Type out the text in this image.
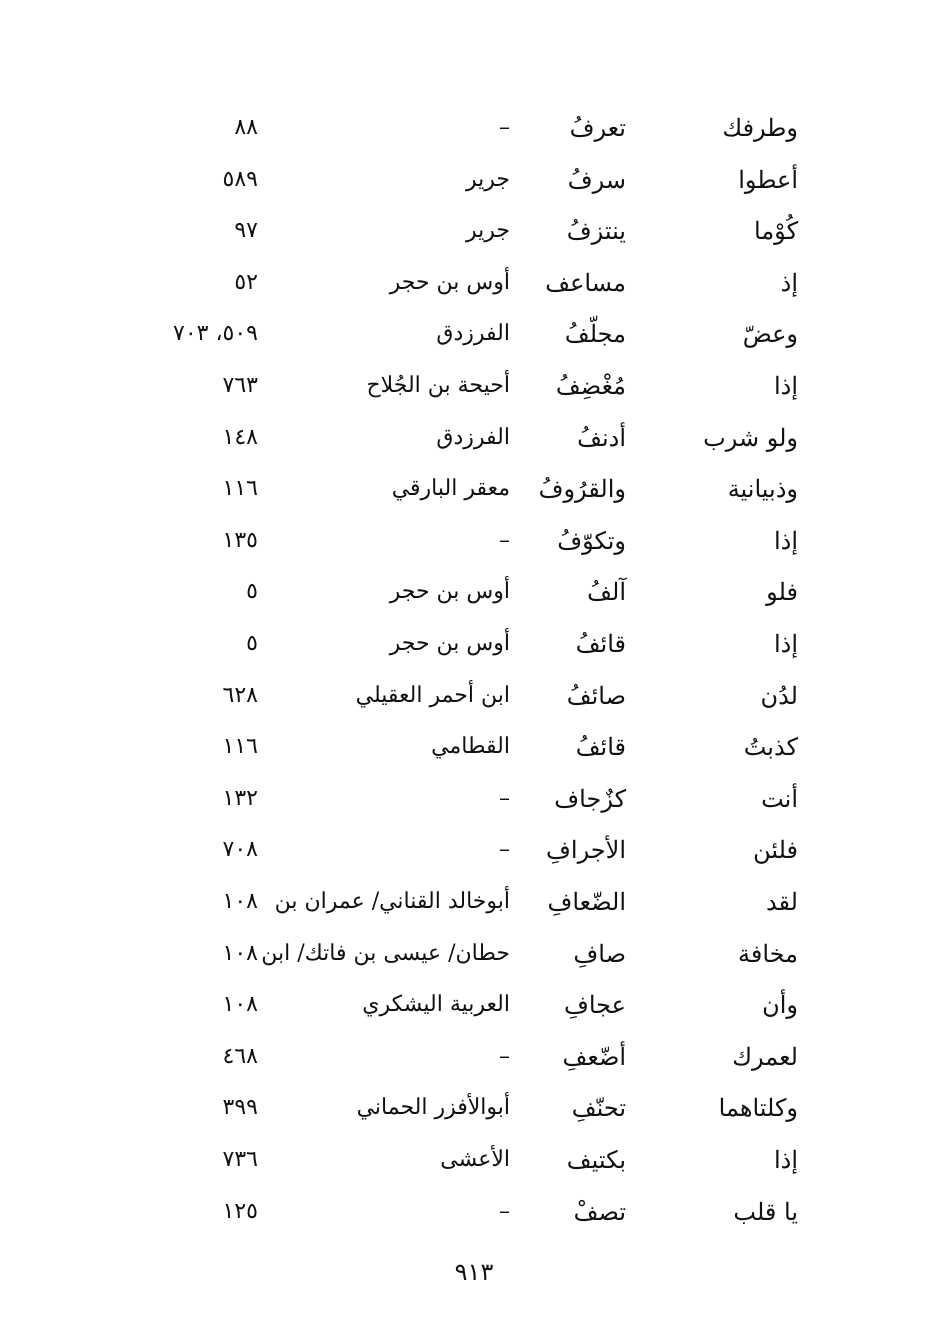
وطرفك
تعرفُ
–
٨٨
أعطوا
سرفُ
جرير
٥٨٩
كُوْما
ينتزفُ
جرير
٩٧
إذ
مساعف
أوس بن حجر
٥٢
وعضّ
مجلّفُ
الفرزدق
٥٠٩، ٧٠٣
إذا
مُغْضِفُ
أحيحة بن الجُلاح
٧٦٣
ولو شرب
أدنفُ
الفرزدق
١٤٨
وذبيانية
والقرُوفُ
معقر البارقي
١١٦
إذا
وتكوّفُ
–
١٣٥
فلو
آلفُ
أوس بن حجر
٥
إذا
قائفُ
أوس بن حجر
٥
لدُن
صائفُ
ابن أحمر العقيلي
٦٢٨
كذبتُ
قائفُ
القطامي
١١٦
أنت
كزٌجاف
–
١٣٢
فلئن
الأجرافِ
–
٧٠٨
لقد
الضّعافِ
أبوخالد القناني/ عمران بن
١٠٨
مخافة
صافِ
حطان/ عيسى بن فاتك/ ابن
١٠٨
وأن
عجافِ
العربية اليشكري
١٠٨
لعمرك
أضّعفِ
–
٤٦٨
وكلتاهما
تحنّفِ
أبوالأفزر الحماني
٣٩٩
إذا
بكتيف
الأعشى
٧٣٦
يا قلب
تصفْ
–
١٢٥
٩١٣
